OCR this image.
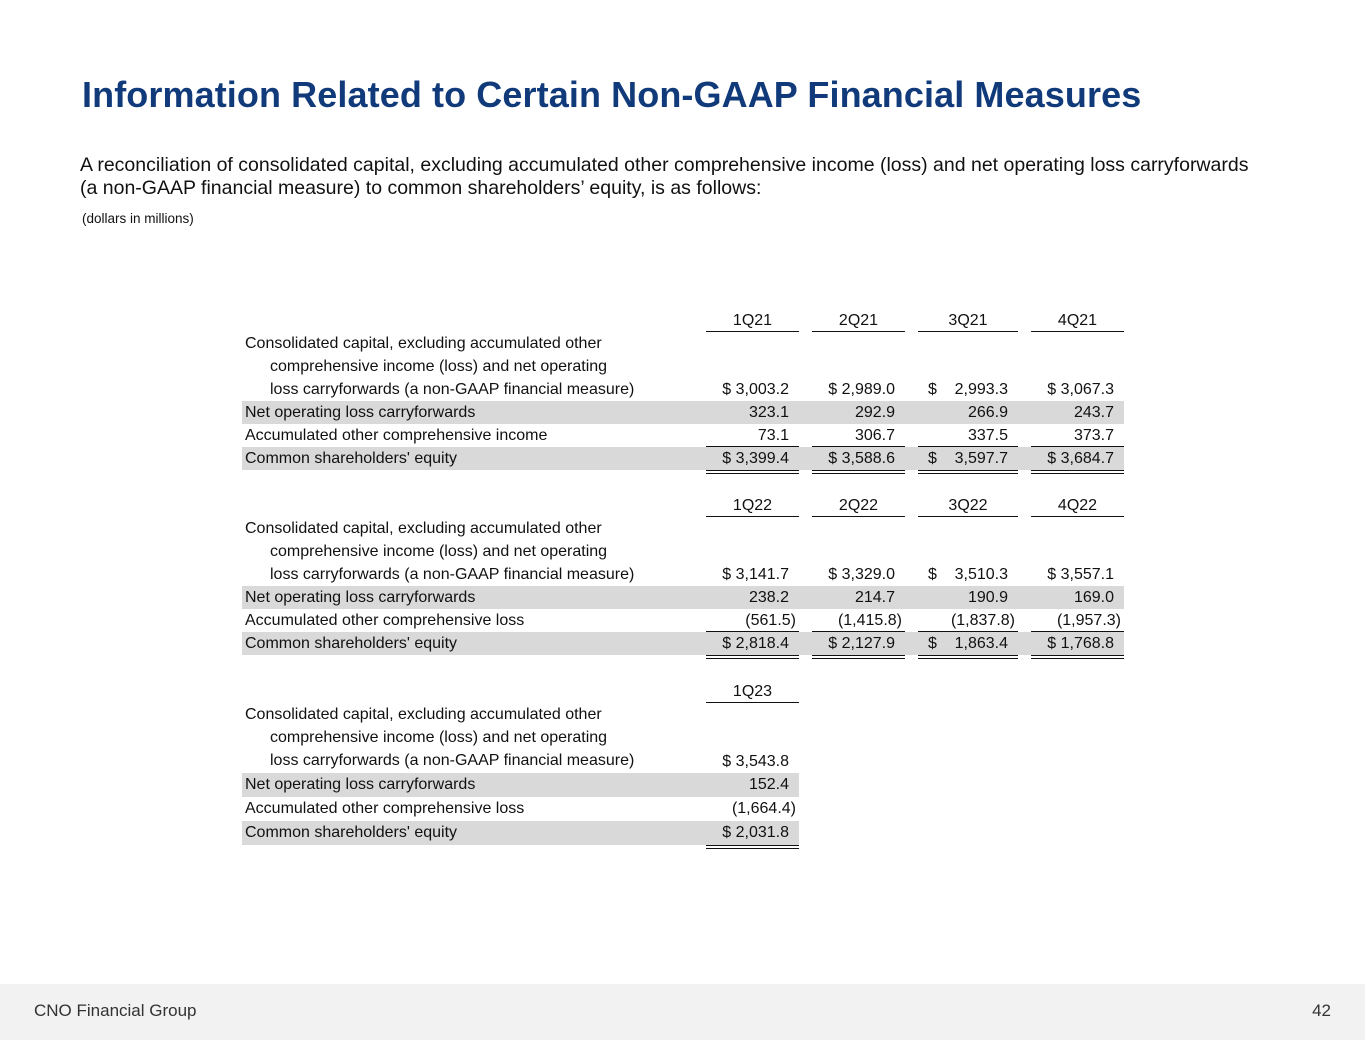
Information Related to Certain Non-GAAP Financial Measures

A reconciliation of consolidated capital, excluding accumulated other comprehensive income (loss) and net operating loss carryforwards (a non-GAAP financial measure) to common shareholders’ equity, is as follows:

(dollars in millions)
1Q21	2Q21	3Q21	4Q21
Consolidated capital, excluding accumulated other
comprehensive income (loss) and net operating
loss carryforwards (a non-GAAP financial measure)	$ 3,003.2	$ 2,989.0 $ 2,993.3	$ 3,067.3
Net operating loss carryforwards	323.1	292.9	266.9	243.7
Accumulated other comprehensive income	73.1	306.7	337.5	373.7
Common shareholders' equity	$ 3,399.4	$ 3,588.6	$ 3,597.7	$ 3,684.7
1Q22	2Q22	3Q22	4Q22
Consolidated capital, excluding accumulated other
comprehensive income (loss) and net operating
loss carryforwards (a non-GAAP financial measure)	$ 3,141.7	$ 3,329.0 $ 3,510.3	$ 3,557.1
Net operating loss carryforwards	238.2	214.7	190.9	169.0
Accumulated other comprehensive loss	(561.5)	(1,415.8)	(1,837.8)	(1,957.3)
Common shareholders' equity	$ 2,818.4	$ 2,127.9	$ 1,863.4	$ 1,768.8
1Q23
Consolidated capital, excluding accumulated other
comprehensive income (loss) and net operating
loss carryforwards (a non-GAAP financial measure)	$ 3,543.8
Net operating loss carryforwards	152.4
Accumulated other comprehensive loss	(1,664.4)
Common shareholders' equity	$ 2,031.8
CNO Financial Group	42
